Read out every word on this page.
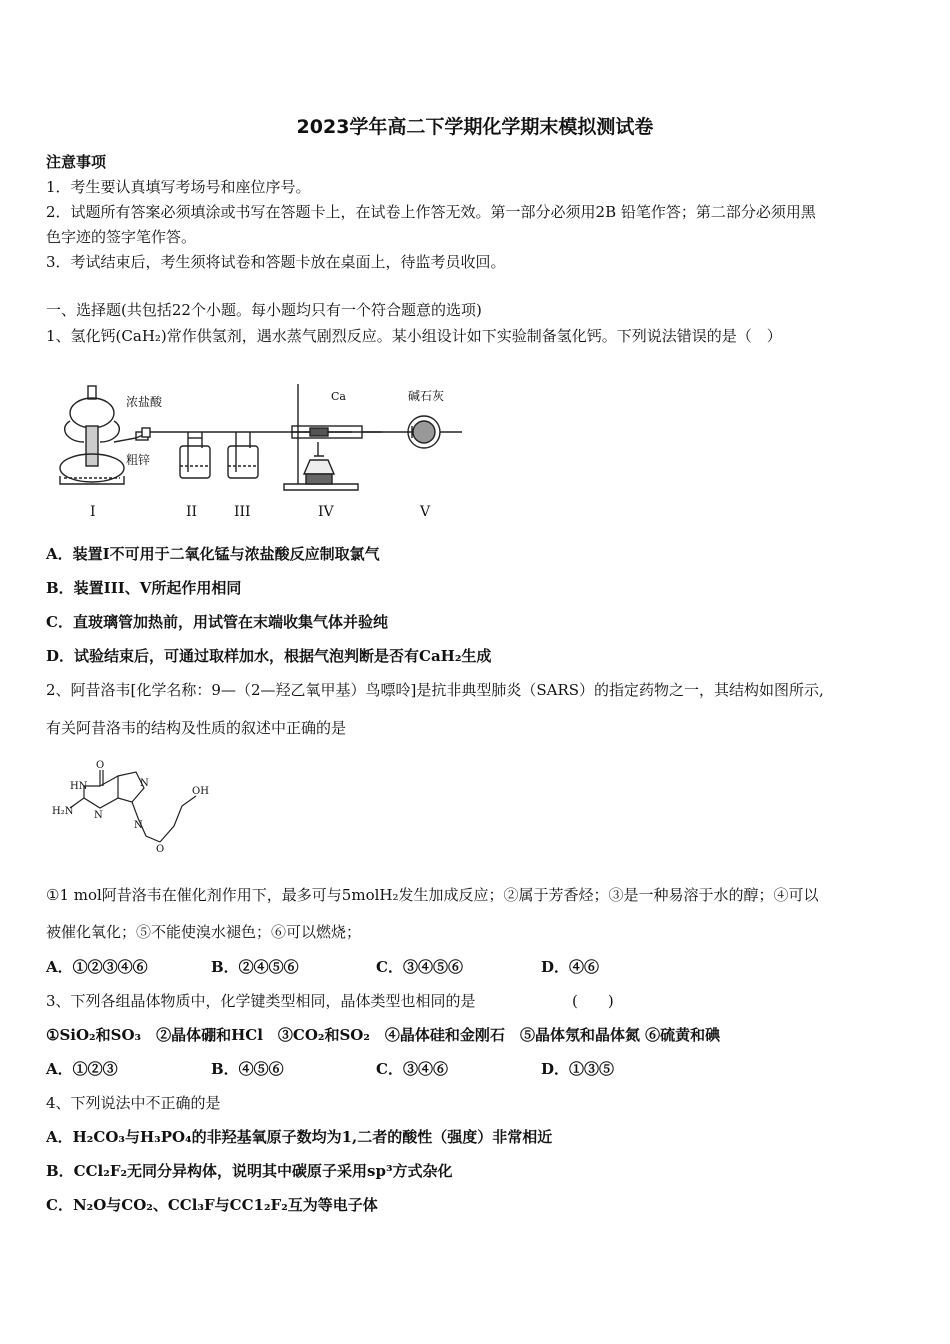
2023学年高二下学期化学期末模拟测试卷
注意事项
1．考生要认真填写考场号和座位序号。
2．试题所有答案必须填涂或书写在答题卡上，在试卷上作答无效。第一部分必须用2B 铅笔作答；第二部分必须用黑
色字迹的签字笔作答。
3．考试结束后，考生须将试卷和答题卡放在桌面上，待监考员收回。
一、选择题(共包括22个小题。每小题均只有一个符合题意的选项)
1、氢化钙(CaH₂)常作供氢剂，遇水蒸气剧烈反应。某小组设计如下实验制备氢化钙。下列说法错误的是（　）
浓盐酸
粗锌
Ca	碱石灰
I	II	III	IV	V
A．装置Ⅰ不可用于二氧化锰与浓盐酸反应制取氯气
B．装置III、V所起作用相同
C．直玻璃管加热前，用试管在末端收集气体并验纯
D．试验结束后，可通过取样加水，根据气泡判断是否有CaH₂生成
2、阿昔洛韦[化学名称：9—（2—羟乙氧甲基）鸟嘌呤]是抗非典型肺炎（SARS）的指定药物之一，其结构如图所示,
有关阿昔洛韦的结构及性质的叙述中正确的是
O
HN	N
H₂N N
N
O
OH
①1 mol阿昔洛韦在催化剂作用下，最多可与5molH₂发生加成反应；②属于芳香烃；③是一种易溶于水的醇；④可以
被催化氧化；⑤不能使溴水褪色；⑥可以燃烧；
A．①②③④⑥	B．②④⑤⑥	C．③④⑤⑥	D．④⑥
3、下列各组晶体物质中，化学键类型相同，晶体类型也相同的是	(　　)
①SiO₂和SO₃　②晶体硼和HCl　③CO₂和SO₂　④晶体硅和金刚石　⑤晶体氖和晶体氮 ⑥硫黄和碘
A．①②③	B．④⑤⑥	C．③④⑥	D．①③⑤
4、下列说法中不正确的是
A．H₂CO₃与H₃PO₄的非羟基氧原子数均为1,二者的酸性（强度）非常相近
B．CCl₂F₂无同分异构体，说明其中碳原子采用sp³方式杂化
C．N₂O与CO₂、CCl₃F与CC1₂F₂互为等电子体
